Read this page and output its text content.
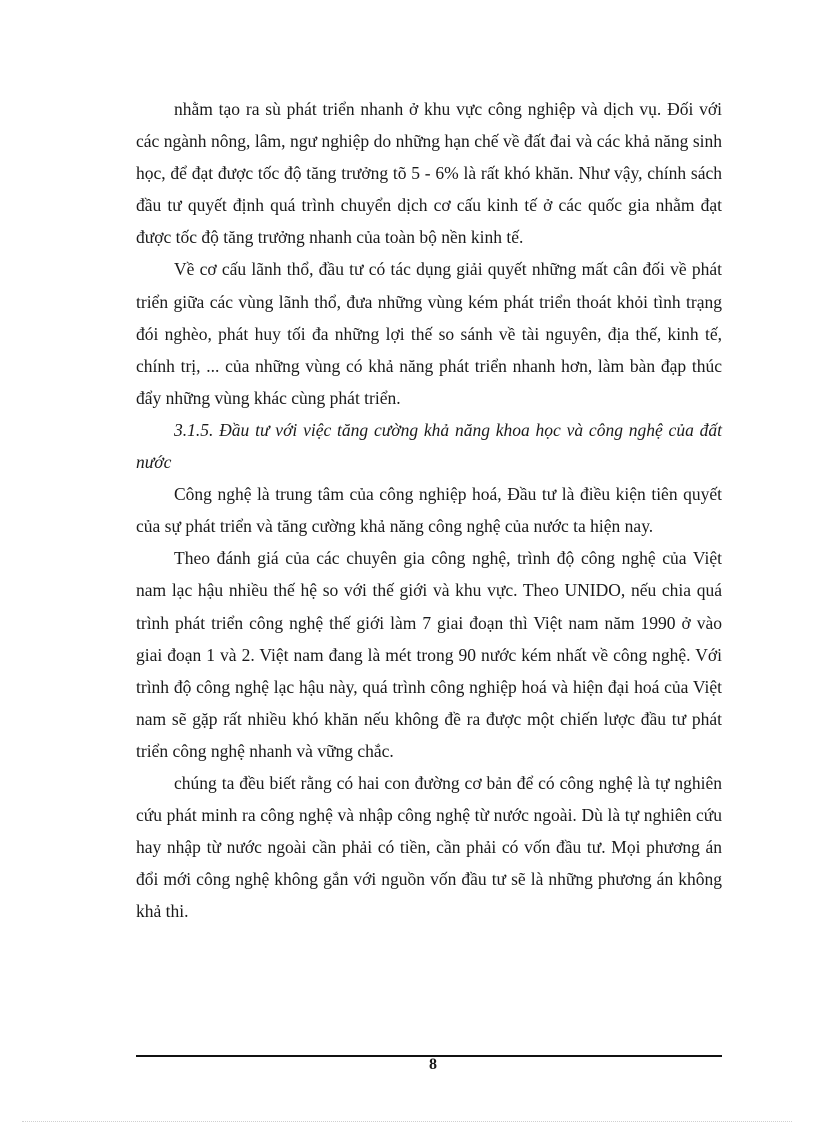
nhằm tạo ra sù phát triển nhanh ở khu vực công nghiệp và dịch vụ. Đối với các ngành nông, lâm, ngư nghiệp do những hạn chế về đất đai và các khả năng sinh học, để đạt được tốc độ tăng trưởng tõ 5 - 6% là rất khó khăn. Như vậy, chính sách đầu tư quyết định quá trình chuyển dịch cơ cấu kinh tế ở các quốc gia nhằm đạt được tốc độ tăng trưởng nhanh của toàn bộ nền kinh tế.

Về cơ cấu lãnh thổ, đầu tư có tác dụng giải quyết những mất cân đối về phát triển giữa các vùng lãnh thổ, đưa những vùng kém phát triển thoát khỏi tình trạng đói nghèo, phát huy tối đa những lợi thế so sánh về tài nguyên, địa thế, kinh tế, chính trị, ... của những vùng có khả năng phát triển nhanh hơn, làm bàn đạp thúc đẩy những vùng khác cùng phát triển.

3.1.5. Đầu tư với việc tăng cường khả năng khoa học và công nghệ của đất nước

Công nghệ là trung tâm của công nghiệp hoá, Đầu tư là điều kiện tiên quyết của sự phát triển và tăng cường khả năng công nghệ của nước ta hiện nay.

Theo đánh giá của các chuyên gia công nghệ, trình độ công nghệ của Việt nam lạc hậu nhiều thế hệ so với thế giới và khu vực. Theo UNIDO, nếu chia quá trình phát triển công nghệ thế giới làm 7 giai đoạn thì Việt nam năm 1990 ở vào giai đoạn 1 và 2. Việt nam đang là mét trong 90 nước kém nhất về công nghệ. Với trình độ công nghệ lạc hậu này, quá trình công nghiệp hoá và hiện đại hoá của Việt nam sẽ gặp rất nhiều khó khăn nếu không đề ra được một chiến lược đầu tư phát triển công nghệ nhanh và vững chắc.

chúng ta đều biết rằng có hai con đường cơ bản để có công nghệ là tự nghiên cứu phát minh ra công nghệ và nhập công nghệ từ nước ngoài. Dù là tự nghiên cứu hay nhập từ nước ngoài cần phải có tiền, cần phải có vốn đầu tư. Mọi phương án đổi mới công nghệ không gắn với nguồn vốn đầu tư sẽ là những phương án không khả thi.

8
